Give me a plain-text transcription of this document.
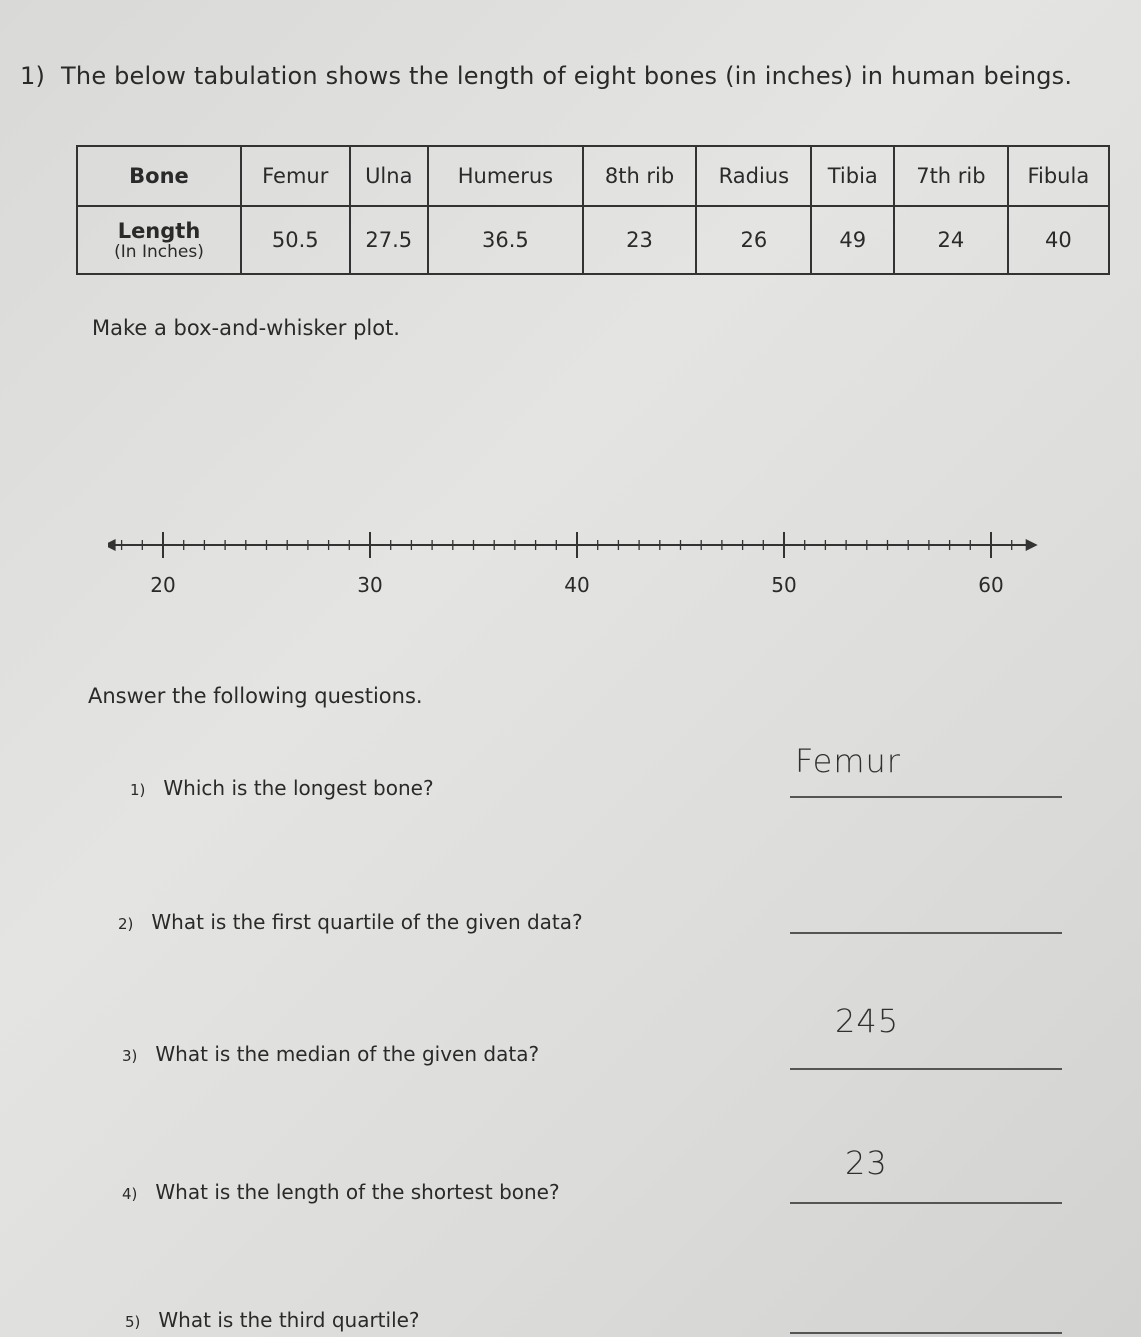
1) The below tabulation shows the length of eight bones (in inches) in human beings.
Bone	Femur	Ulna	Humerus	8th rib	Radius	Tibia	7th rib	Fibula

Length
(In Inches)	50.5	27.5	36.5	23	26	49	24	40
Make a box-and-whisker plot.
20	30	40	50	60
Answer the following questions.
1) Which is the longest bone?
Femur
2) What is the first quartile of the given data?
3) What is the median of the given data?
245
4) What is the length of the shortest bone?
23
5) What is the third quartile?
